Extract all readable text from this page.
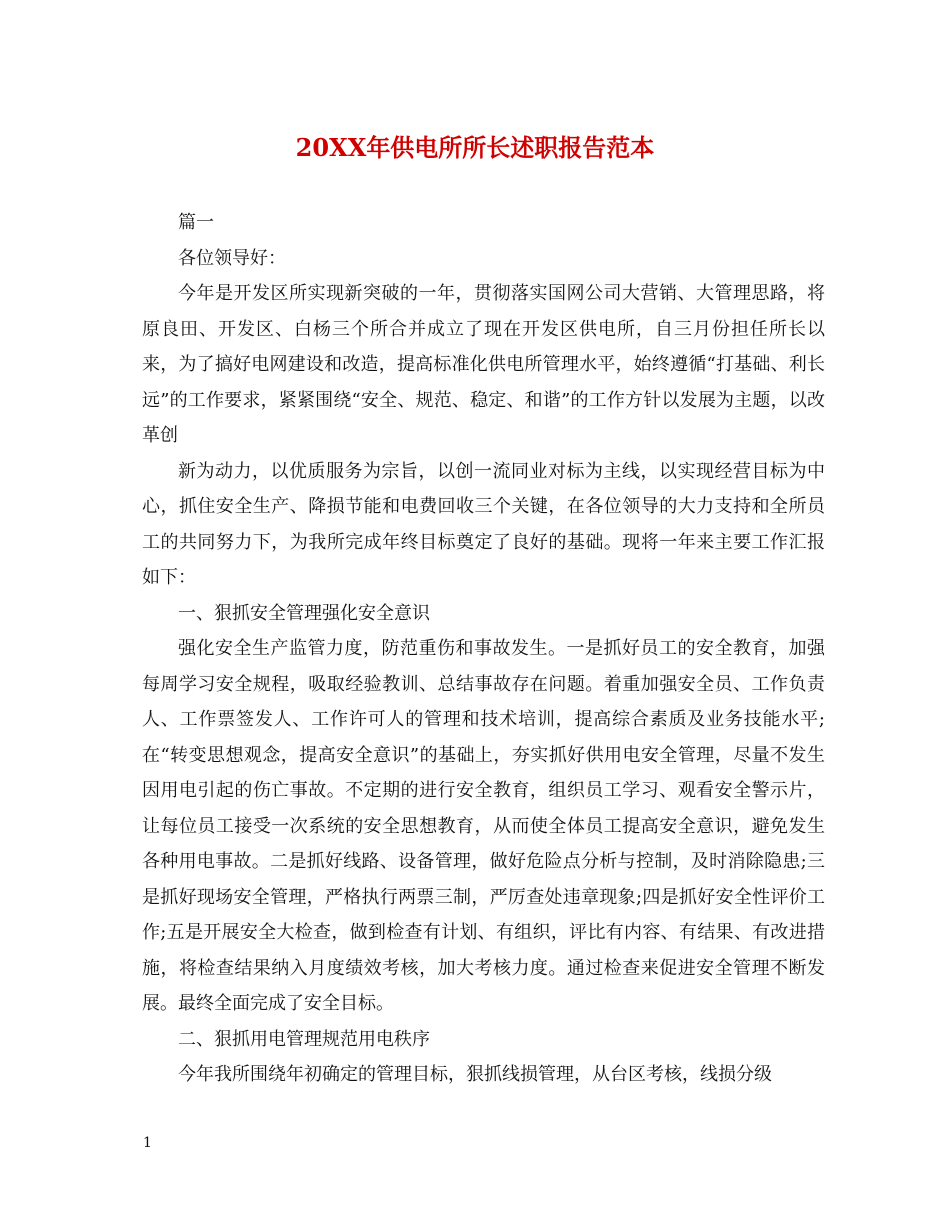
20XX年供电所所长述职报告范本

篇一

各位领导好：

今年是开发区所实现新突破的一年，贯彻落实国网公司大营销、大管理思路，将原良田、开发区、白杨三个所合并成立了现在开发区供电所，自三月份担任所长以来，为了搞好电网建设和改造，提高标准化供电所管理水平，始终遵循“打基础、利长远”的工作要求，紧紧围绕“安全、规范、稳定、和谐”的工作方针以发展为主题，以改革创

新为动力，以优质服务为宗旨，以创一流同业对标为主线，以实现经营目标为中心，抓住安全生产、降损节能和电费回收三个关键，在各位领导的大力支持和全所员工的共同努力下，为我所完成年终目标奠定了良好的基础。现将一年来主要工作汇报如下：

一、狠抓安全管理强化安全意识

强化安全生产监管力度，防范重伤和事故发生。一是抓好员工的安全教育，加强每周学习安全规程，吸取经验教训、总结事故存在问题。着重加强安全员、工作负责人、工作票签发人、工作许可人的管理和技术培训，提高综合素质及业务技能水平;在“转变思想观念，提高安全意识”的基础上，夯实抓好供用电安全管理，尽量不发生因用电引起的伤亡事故。不定期的进行安全教育，组织员工学习、观看安全警示片，让每位员工接受一次系统的安全思想教育，从而使全体员工提高安全意识，避免发生各种用电事故。二是抓好线路、设备管理，做好危险点分析与控制，及时消除隐患;三是抓好现场安全管理，严格执行两票三制，严厉查处违章现象;四是抓好安全性评价工作;五是开展安全大检查，做到检查有计划、有组织，评比有内容、有结果、有改进措施，将检查结果纳入月度绩效考核，加大考核力度。通过检查来促进安全管理不断发展。最终全面完成了安全目标。

二、狠抓用电管理规范用电秩序

今年我所围绕年初确定的管理目标，狠抓线损管理，从台区考核，线损分级

1
